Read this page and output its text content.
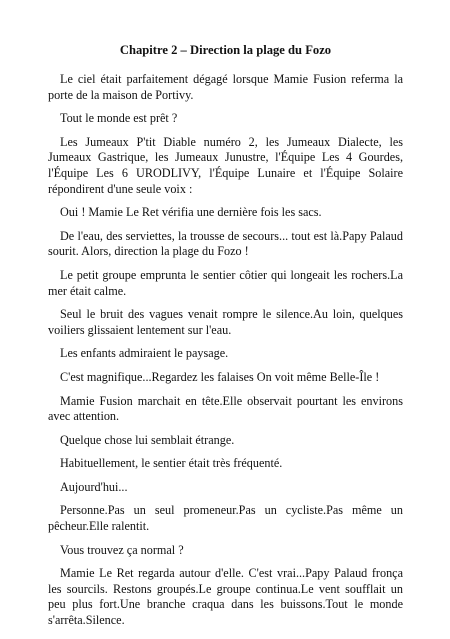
Chapitre 2 – Direction la plage du Fozo

Le ciel était parfaitement dégagé lorsque Mamie Fusion referma la porte de la maison de Portivy.

Tout le monde est prêt ?

Les Jumeaux P'tit Diable numéro 2, les Jumeaux Dialecte, les Jumeaux Gastrique, les Jumeaux Junustre, l'Équipe Les 4 Gourdes, l'Équipe Les 6 URODLIVY, l'Équipe Lunaire et l'Équipe Solaire répondirent d'une seule voix :

Oui ! Mamie Le Ret vérifia une dernière fois les sacs.

De l'eau, des serviettes, la trousse de secours... tout est là.Papy Palaud sourit. Alors, direction la plage du Fozo !

Le petit groupe emprunta le sentier côtier qui longeait les rochers.La mer était calme.

Seul le bruit des vagues venait rompre le silence.Au loin, quelques voiliers glissaient lentement sur l'eau.

Les enfants admiraient le paysage.

C'est magnifique...Regardez les falaises On voit même Belle-Île !

Mamie Fusion marchait en tête.Elle observait pourtant les environs avec attention.

Quelque chose lui semblait étrange.

Habituellement, le sentier était très fréquenté.

Aujourd'hui...

Personne.Pas un seul promeneur.Pas un cycliste.Pas même un pêcheur.Elle ralentit.

Vous trouvez ça normal ?

Mamie Le Ret regarda autour d'elle. C'est vrai...Papy Palaud fronça les sourcils. Restons groupés.Le groupe continua.Le vent soufflait un peu plus fort.Une branche craqua dans les buissons.Tout le monde s'arrêta.Silence.
